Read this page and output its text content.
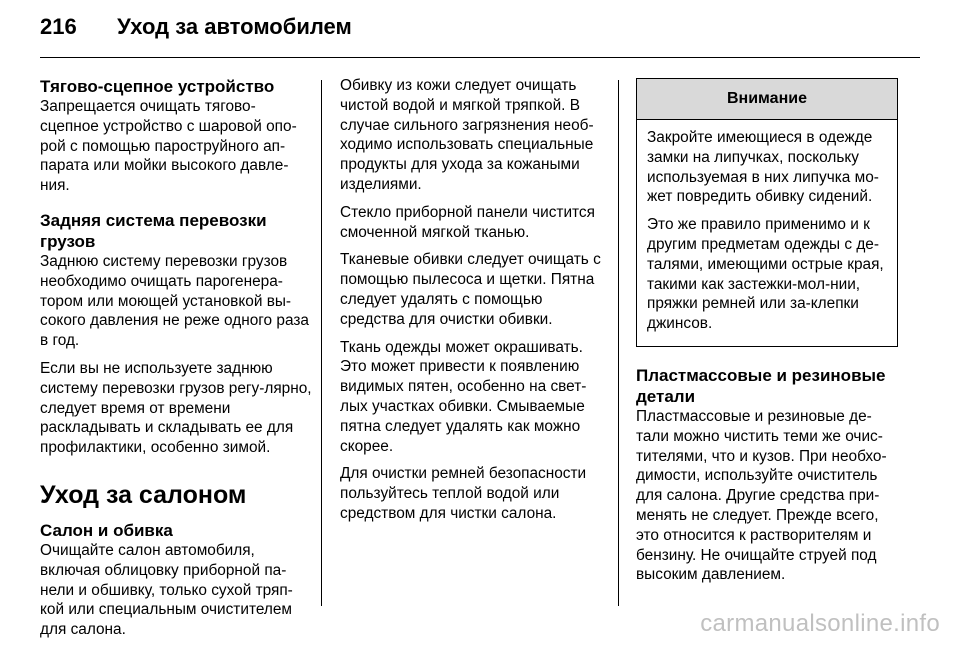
216 Уход за автомобилем
Тягово-сцепное устройство

Запрещается очищать тягово-сцепное устройство с шаровой опо-рой с помощью пароструйного ап-парата или мойки высокого давле-ния.

Задняя система перевозки грузов

Заднюю систему перевозки грузов необходимо очищать парогенера-тором или моющей установкой вы-сокого давления не реже одного раза в год.

Если вы не используете заднюю систему перевозки грузов регу-лярно, следует время от времени раскладывать и складывать ее для профилактики, особенно зимой.

Уход за салоном
Салон и обивка

Очищайте салон автомобиля, включая облицовку приборной па-нели и обшивку, только сухой тряп-кой или специальным очистителем для салона.

Обивку из кожи следует очищать чистой водой и мягкой тряпкой. В случае сильного загрязнения необ-ходимо использовать специальные продукты для ухода за кожаными изделиями.

Стекло приборной панели чистится смоченной мягкой тканью.

Тканевые обивки следует очищать с помощью пылесоса и щетки. Пятна следует удалять с помощью средства для очистки обивки.

Ткань одежды может окрашивать. Это может привести к появлению видимых пятен, особенно на свет-лых участках обивки. Смываемые пятна следует удалять как можно скорее.

Для очистки ремней безопасности пользуйтесь теплой водой или средством для чистки салона.

Внимание

Закройте имеющиеся в одежде замки на липучках, поскольку используемая в них липучка мо-жет повредить обивку сидений.

Это же правило применимо и к другим предметам одежды с де-талями, имеющими острые края, такими как застежки-мол-нии, пряжки ремней или за-клепки джинсов.

Пластмассовые и резиновые детали

Пластмассовые и резиновые де-тали можно чистить теми же очис-тителями, что и кузов. При необхо-димости, используйте очиститель для салона. Другие средства при-менять не следует. Прежде всего, это относится к растворителям и бензину. Не очищайте струей под высоким давлением.

carmanualsonline.info
